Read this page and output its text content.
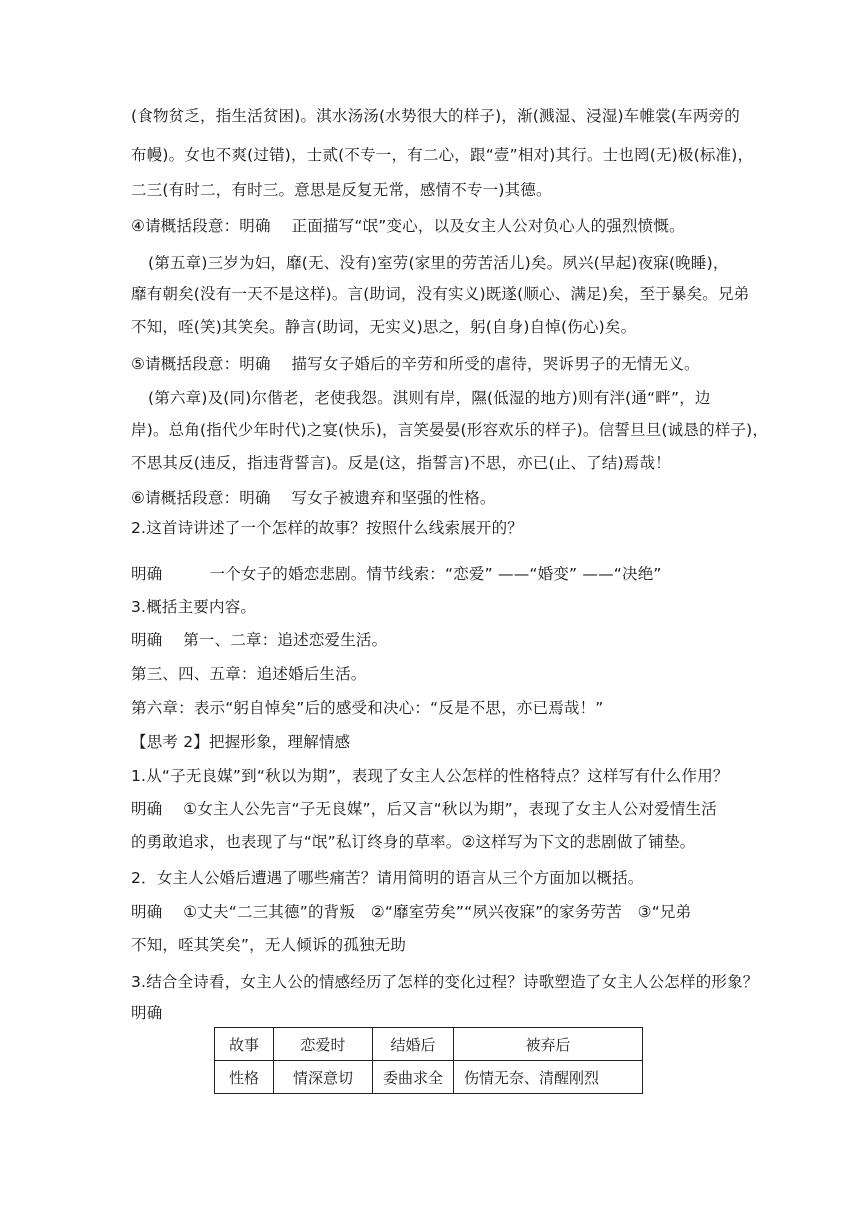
(食物贫乏，指生活贫困)。淇水汤汤(水势很大的样子)，渐(溅湿、浸湿)车帷裳(车两旁的
布幔)。女也不爽(过错)，士贰(不专一，有二心，跟“壹”相对)其行。士也罔(无)极(标准)，
二三(有时二，有时三。意思是反复无常，感情不专一)其德。
④请概括段意：明确　 正面描写“氓”变心，以及女主人公对负心人的强烈愤慨。
(第五章)三岁为妇，靡(无、没有)室劳(家里的劳苦活儿)矣。夙兴(早起)夜寐(晚睡)，
靡有朝矣(没有一天不是这样)。言(助词，没有实义)既遂(顺心、满足)矣，至于暴矣。兄弟
不知，咥(笑)其笑矣。静言(助词，无实义)思之，躬(自身)自悼(伤心)矣。
⑤请概括段意：明确　 描写女子婚后的辛劳和所受的虐待，哭诉男子的无情无义。
(第六章)及(同)尔偕老，老使我怨。淇则有岸，隰(低湿的地方)则有泮(通“畔”，边
岸)。总角(指代少年时代)之宴(快乐)，言笑晏晏(形容欢乐的样子)。信誓旦旦(诚恳的样子)，
不思其反(违反，指违背誓言)。反是(这，指誓言)不思，亦已(止、了结)焉哉！
⑥请概括段意：明确　 写女子被遗弃和坚强的性格。
2.这首诗讲述了一个怎样的故事？按照什么线索展开的？
明确　　　一个女子的婚恋悲剧。情节线索：“恋爱” ——“婚变” ——“决绝”
3.概括主要内容。
明确　 第一、二章：追述恋爱生活。
第三、四、五章：追述婚后生活。
第六章：表示“躬自悼矣”后的感受和决心：“反是不思，亦已焉哉！”
【思考 2】把握形象，理解情感
1.从“子无良媒”到“秋以为期”，表现了女主人公怎样的性格特点？这样写有什么作用？
明确　 ①女主人公先言“子无良媒”，后又言“秋以为期”，表现了女主人公对爱情生活
的勇敢追求，也表现了与“氓”私订终身的草率。②这样写为下文的悲剧做了铺垫。
2．女主人公婚后遭遇了哪些痛苦？请用简明的语言从三个方面加以概括。
明确　 ①丈夫“二三其德”的背叛　②“靡室劳矣”“夙兴夜寐”的家务劳苦　③“兄弟
不知，咥其笑矣”，无人倾诉的孤独无助
3.结合全诗看，女主人公的情感经历了怎样的变化过程？诗歌塑造了女主人公怎样的形象？
明确
故事	恋爱时	结婚后	被弃后
性格	情深意切	委曲求全	伤情无奈、清醒刚烈
